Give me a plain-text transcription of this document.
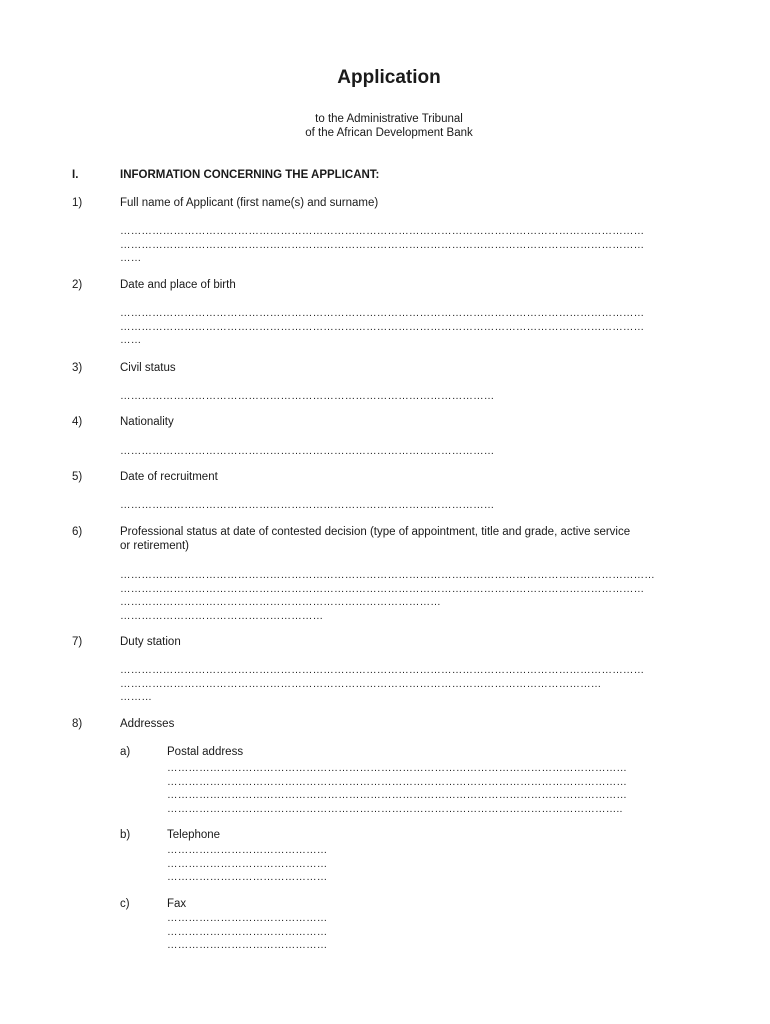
Application
to the Administrative Tribunal
of the African Development Bank
I.	INFORMATION CONCERNING THE APPLICANT:
1)	Full name of Applicant (first name(s) and surname)
…………………………………………………………………………………………………………………………………
…………………………………………………………………………………………………………………………………
……
2)	Date and place of birth
…………………………………………………………………………………………………………………………………
…………………………………………………………………………………………………………………………………
……
3)	Civil status
……………………………………………………………………………………………
4)	Nationality
……………………………………………………………………………………………
5)	Date of recruitment
……………………………………………………………………………………………
6)	Professional status at date of contested decision (type of appointment, title and grade, active service
or retirement)
……………………………………………………………………………………………………………………………………
…………………………………………………………………………………………………………………………………
………………………………………………………………………………
…………………………………………………
7)	Duty station
…………………………………………………………………………………………………………………………………
………………………………………………………………………………………………………………………
………
8)	Addresses
a)	Postal address
…………………………………………………………………………………………………………………
…………………………………………………………………………………………………………………
…………………………………………………………………………………………………………………
………………………………………………………………………………………………………………..
b)	Telephone
………………………………………
………………………………………
………………………………………
c)	Fax
………………………………………
………………………………………
………………………………………
